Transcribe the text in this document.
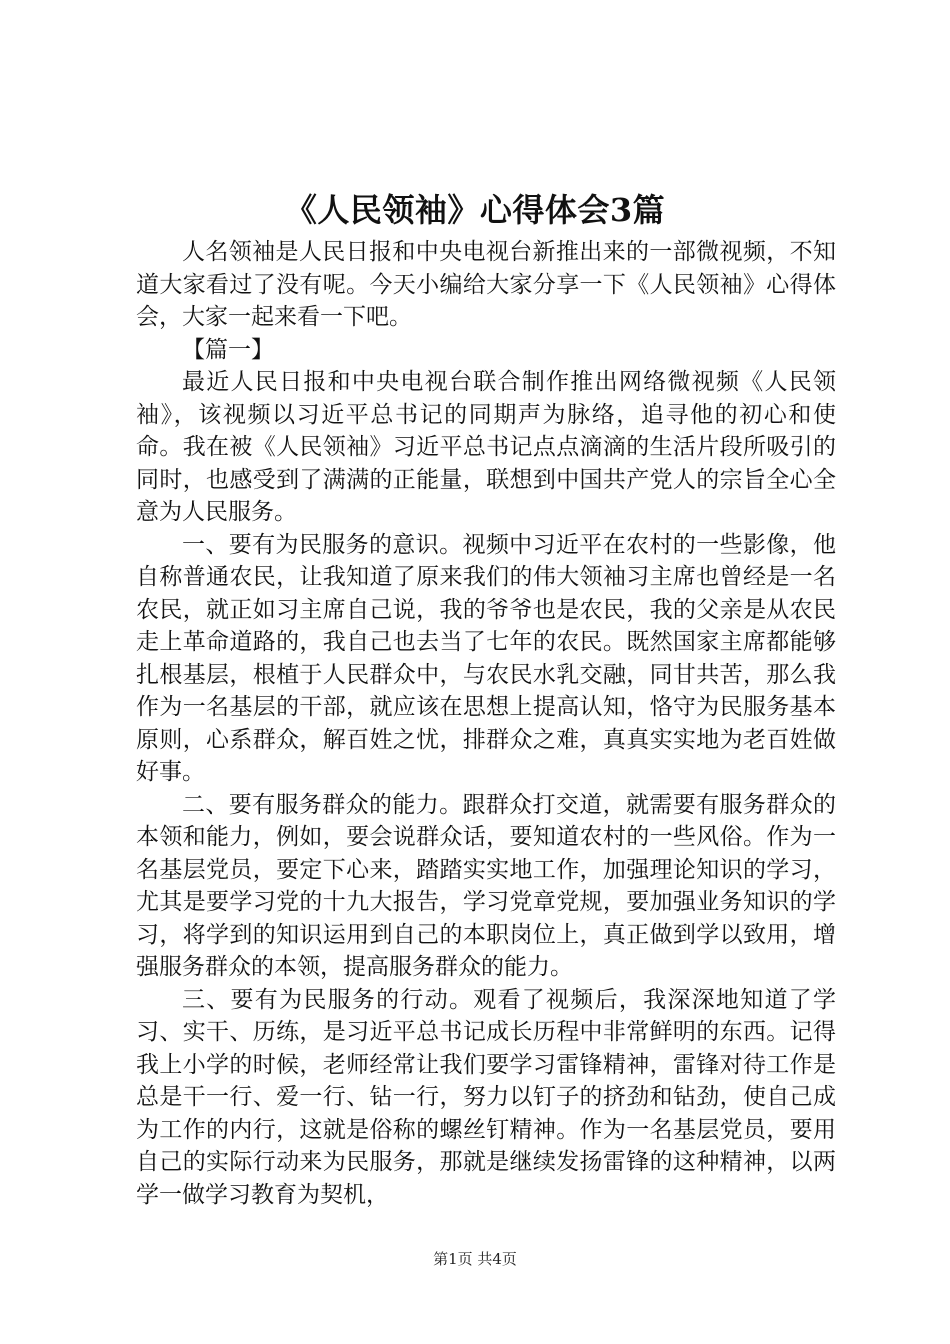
《人民领袖》心得体会3篇

人名领袖是人民日报和中央电视台新推出来的一部微视频，不知道大家看过了没有呢。今天小编给大家分享一下《人民领袖》心得体会，大家一起来看一下吧。

【篇一】

最近人民日报和中央电视台联合制作推出网络微视频《人民领袖》，该视频以习近平总书记的同期声为脉络，追寻他的初心和使命。我在被《人民领袖》习近平总书记点点滴滴的生活片段所吸引的同时，也感受到了满满的正能量，联想到中国共产党人的宗旨全心全意为人民服务。

一、要有为民服务的意识。视频中习近平在农村的一些影像，他自称普通农民，让我知道了原来我们的伟大领袖习主席也曾经是一名农民，就正如习主席自己说，我的爷爷也是农民，我的父亲是从农民走上革命道路的，我自己也去当了七年的农民。既然国家主席都能够扎根基层，根植于人民群众中，与农民水乳交融，同甘共苦，那么我作为一名基层的干部，就应该在思想上提高认知，恪守为民服务基本原则，心系群众，解百姓之忧，排群众之难，真真实实地为老百姓做好事。

二、要有服务群众的能力。跟群众打交道，就需要有服务群众的本领和能力，例如，要会说群众话，要知道农村的一些风俗。作为一名基层党员，要定下心来，踏踏实实地工作，加强理论知识的学习，尤其是要学习党的十九大报告，学习党章党规，要加强业务知识的学习，将学到的知识运用到自己的本职岗位上，真正做到学以致用，增强服务群众的本领，提高服务群众的能力。

三、要有为民服务的行动。观看了视频后，我深深地知道了学习、实干、历练，是习近平总书记成长历程中非常鲜明的东西。记得我上小学的时候，老师经常让我们要学习雷锋精神，雷锋对待工作是总是干一行、爱一行、钻一行，努力以钉子的挤劲和钻劲，使自己成为工作的内行，这就是俗称的螺丝钉精神。作为一名基层党员，要用自己的实际行动来为民服务，那就是继续发扬雷锋的这种精神，以两学一做学习教育为契机，

第1页 共4页
